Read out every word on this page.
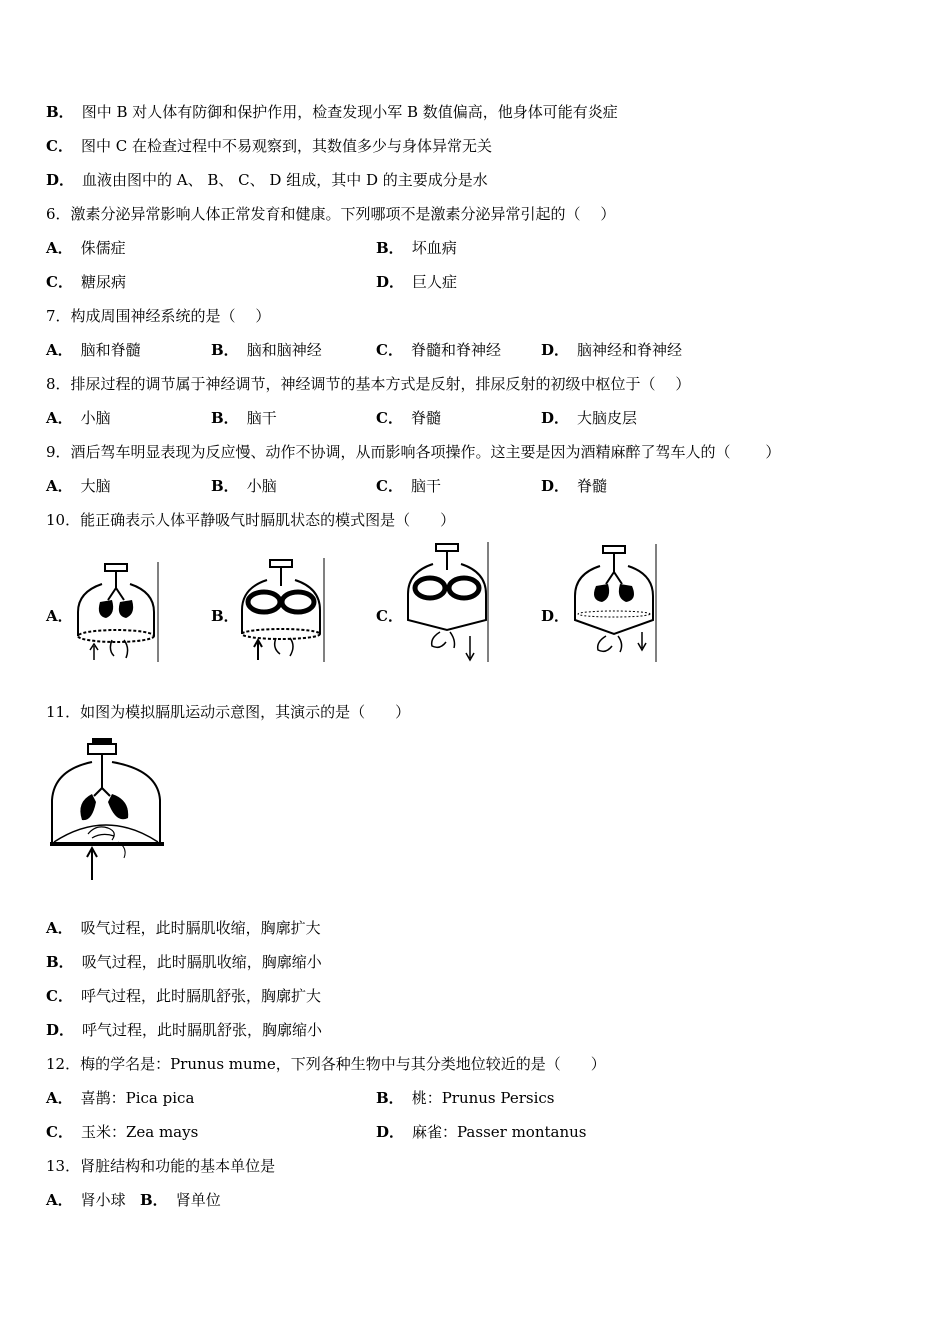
B． 图中 B 对人体有防御和保护作用，检查发现小军 B 数值偏高，他身体可能有炎症
C． 图中 C 在检查过程中不易观察到，其数值多少与身体异常无关
D． 血液由图中的 A、 B、 C、 D 组成，其中 D 的主要成分是水
6．激素分泌异常影响人体正常发育和健康。下列哪项不是激素分泌异常引起的（　 ）
A． 侏儒症	B． 坏血病
C． 糖尿病	D． 巨人症
7．构成周围神经系统的是（　 ）
A． 脑和脊髓	B． 脑和脑神经	C． 脊髓和脊神经	D． 脑神经和脊神经
8．排尿过程的调节属于神经调节，神经调节的基本方式是反射，排尿反射的初级中枢位于（　 ）
A． 小脑	B． 脑干	C． 脊髓	D． 大脑皮层
9．酒后驾车明显表现为反应慢、动作不协调，从而影响各项操作。这主要是因为酒精麻醉了驾车人的（　　 ）
A． 大脑	B． 小脑	C． 脑干	D． 脊髓
10．能正确表示人体平静吸气时膈肌状态的模式图是（　　）
A．	B．	C．	D．
11．如图为模拟膈肌运动示意图，其演示的是（　　）
A． 吸气过程，此时膈肌收缩，胸廓扩大
B． 吸气过程，此时膈肌收缩，胸廓缩小
C． 呼气过程，此时膈肌舒张，胸廓扩大
D． 呼气过程，此时膈肌舒张，胸廓缩小
12．梅的学名是：Prunus mume，下列各种生物中与其分类地位较近的是（　　）
A． 喜鹊：Pica pica	B． 桃：Prunus Persics
C． 玉米：Zea mays	D． 麻雀：Passer montanus
13．肾脏结构和功能的基本单位是
A． 肾小球 B． 肾单位
